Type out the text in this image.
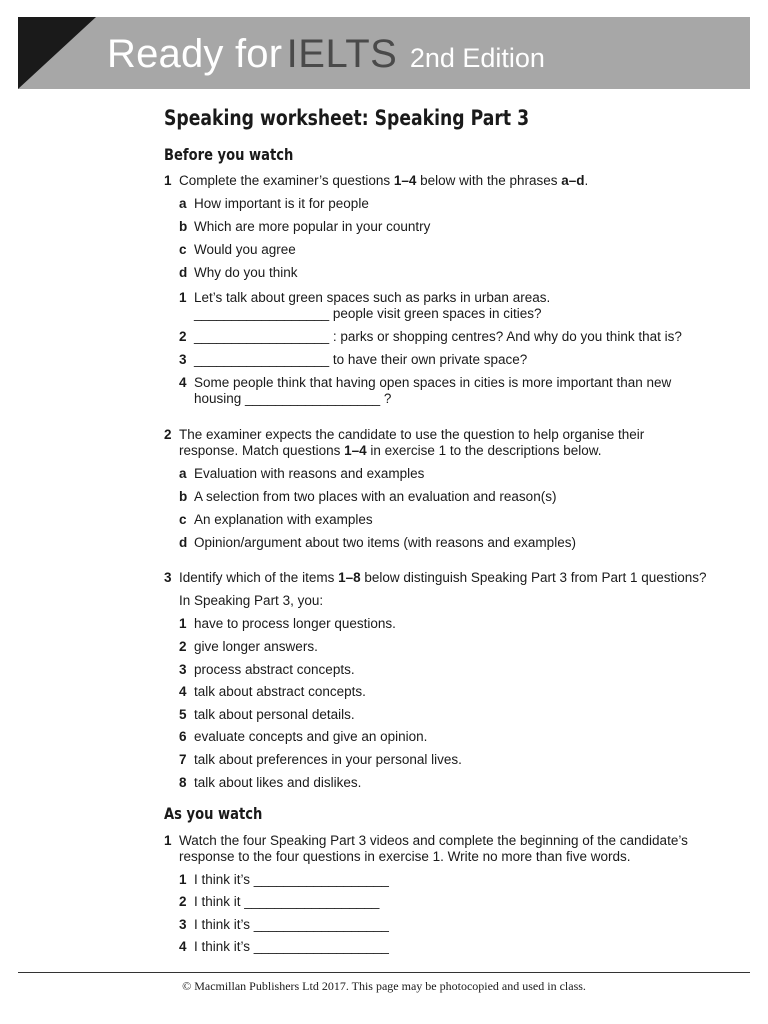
Ready for IELTS 2nd Edition
Speaking worksheet: Speaking Part 3
Before you watch
1 Complete the examiner’s questions 1–4 below with the phrases a–d.
a How important is it for people
b Which are more popular in your country
c Would you agree
d Why do you think
1 Let’s talk about green spaces such as parks in urban areas.
__________________ people visit green spaces in cities?
2 __________________ : parks or shopping centres? And why do you think that is?
3 __________________ to have their own private space?
4 Some people think that having open spaces in cities is more important than new
housing __________________ ?
2 The examiner expects the candidate to use the question to help organise their
response. Match questions 1–4 in exercise 1 to the descriptions below.
a Evaluation with reasons and examples
b A selection from two places with an evaluation and reason(s)
c An explanation with examples
d Opinion/argument about two items (with reasons and examples)
3 Identify which of the items 1–8 below distinguish Speaking Part 3 from Part 1 questions?
In Speaking Part 3, you:
1 have to process longer questions.
2 give longer answers.
3 process abstract concepts.
4 talk about abstract concepts.
5 talk about personal details.
6 evaluate concepts and give an opinion.
7 talk about preferences in your personal lives.
8 talk about likes and dislikes.
As you watch
1 Watch the four Speaking Part 3 videos and complete the beginning of the candidate’s
response to the four questions in exercise 1. Write no more than five words.
1 I think it’s __________________
2 I think it __________________
3 I think it’s __________________
4 I think it’s __________________
© Macmillan Publishers Ltd 2017. This page may be photocopied and used in class.
